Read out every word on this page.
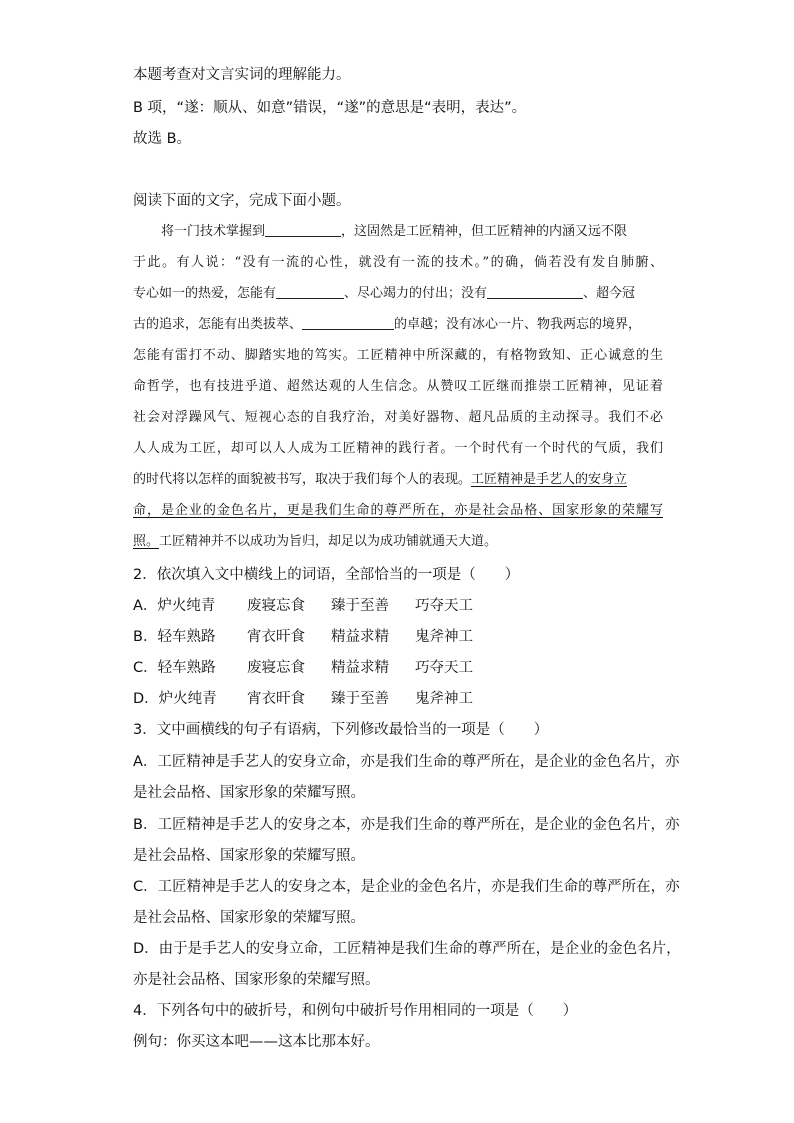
本题考查对文言实词的理解能力。
B 项，“遂：顺从、如意”错误，“遂”的意思是“表明，表达”。
故选 B。
阅读下面的文字，完成下面小题。
将一门技术掌握到	，这固然是工匠精神，但工匠精神的内涵又远不限
于此。有人说：“没有一流的心性，就没有一流的技术。”的确，倘若没有发自肺腑、
专心如一的热爱，怎能有	、尽心竭力的付出；没有	、超今冠
古的追求，怎能有出类拔萃、	的卓越；没有冰心一片、物我两忘的境界，
怎能有雷打不动、脚踏实地的笃实。工匠精神中所深藏的，有格物致知、正心诚意的生
命哲学，也有技进乎道、超然达观的人生信念。从赞叹工匠继而推崇工匠精神，见证着
社会对浮躁风气、短视心态的自我疗治，对美好器物、超凡品质的主动探寻。我们不必
人人成为工匠，却可以人人成为工匠精神的践行者。一个时代有一个时代的气质，我们
的时代将以怎样的面貌被书写，取决于我们每个人的表现。工匠精神是手艺人的安身立
命，是企业的金色名片，更是我们生命的尊严所在，亦是社会品格、国家形象的荣耀写
照。工匠精神并不以成功为旨归，却足以为成功铺就通天大道。
2．依次填入文中横线上的词语，全部恰当的一项是（　　）
A．炉火纯青 废寝忘食 臻于至善 巧夺天工
B．轻车熟路 宵衣旰食 精益求精 鬼斧神工
C．轻车熟路 废寝忘食 精益求精 巧夺天工
D．炉火纯青 宵衣旰食 臻于至善 鬼斧神工
3．文中画横线的句子有语病，下列修改最恰当的一项是（　　）
A．工匠精神是手艺人的安身立命，亦是我们生命的尊严所在，是企业的金色名片，亦
是社会品格、国家形象的荣耀写照。
B．工匠精神是手艺人的安身之本，亦是我们生命的尊严所在，是企业的金色名片，亦
是社会品格、国家形象的荣耀写照。
C．工匠精神是手艺人的安身之本，是企业的金色名片，亦是我们生命的尊严所在，亦
是社会品格、国家形象的荣耀写照。
D．由于是手艺人的安身立命，工匠精神是我们生命的尊严所在，是企业的金色名片，
亦是社会品格、国家形象的荣耀写照。
4．下列各句中的破折号，和例句中破折号作用相同的一项是（　　）
例句：你买这本吧——这本比那本好。
